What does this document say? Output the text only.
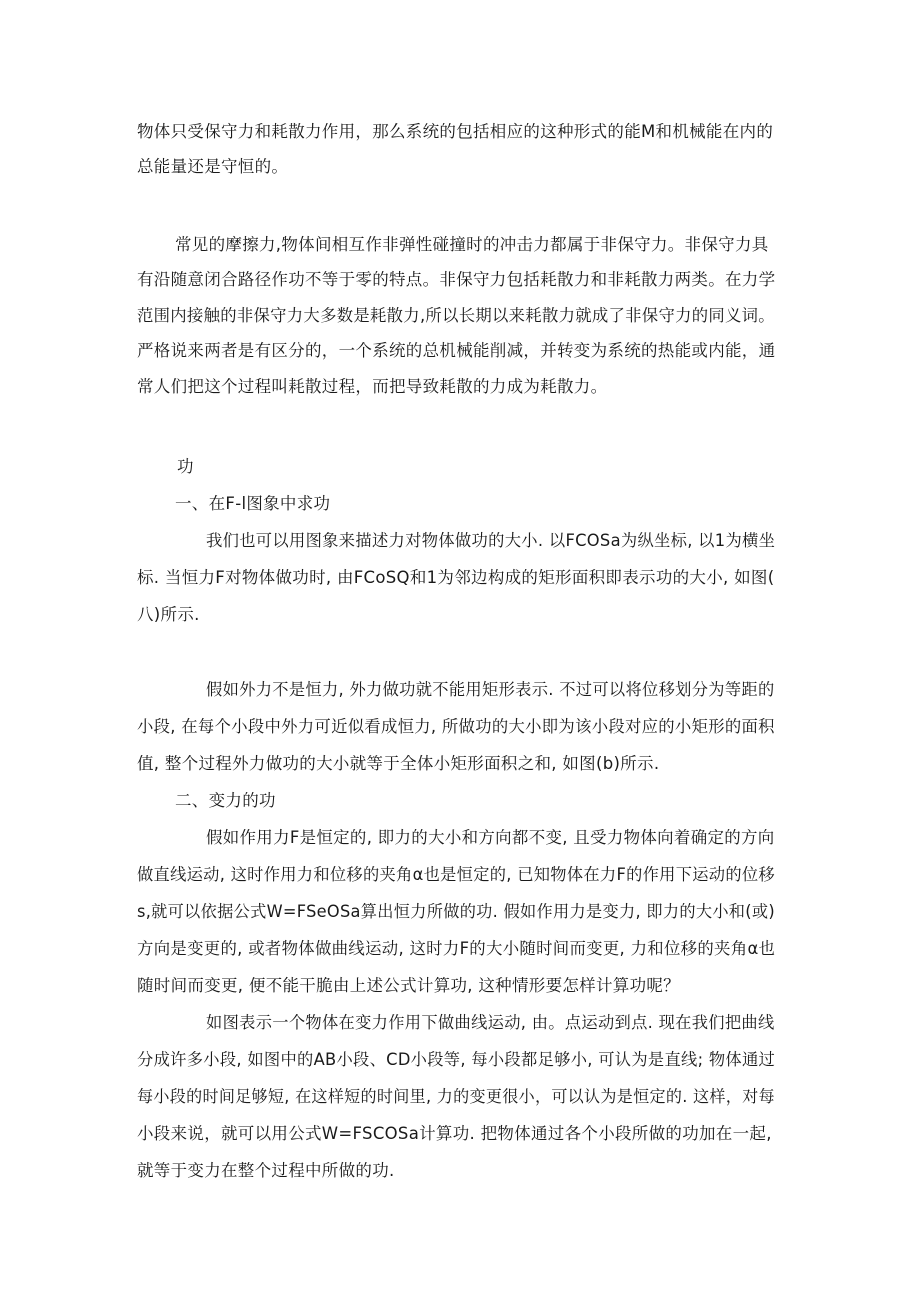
物体只受保守力和耗散力作用，那么系统的包括相应的这种形式的能M和机械能在内的
总能量还是守恒的。
常见的摩擦力,物体间相互作非弹性碰撞时的冲击力都属于非保守力。非保守力具
有沿随意闭合路径作功不等于零的特点。非保守力包括耗散力和非耗散力两类。在力学
范围内接触的非保守力大多数是耗散力,所以长期以来耗散力就成了非保守力的同义词。
严格说来两者是有区分的，一个系统的总机械能削减，并转变为系统的热能或内能，通
常人们把这个过程叫耗散过程，而把导致耗散的力成为耗散力。
功
一、在F-l图象中求功
我们也可以用图象来描述力对物体做功的大小. 以FCOSa为纵坐标, 以1为横坐
标. 当恒力F对物体做功时, 由FCoSQ和1为邻边构成的矩形面积即表示功的大小, 如图(
八)所示.
假如外力不是恒力, 外力做功就不能用矩形表示. 不过可以将位移划分为等距的
小段, 在每个小段中外力可近似看成恒力, 所做功的大小即为该小段对应的小矩形的面积
值, 整个过程外力做功的大小就等于全体小矩形面积之和, 如图(b)所示.
二、变力的功
假如作用力F是恒定的, 即力的大小和方向都不变, 且受力物体向着确定的方向
做直线运动, 这时作用力和位移的夹角α也是恒定的, 已知物体在力F的作用下运动的位移
s,就可以依据公式W=FSeOSa算出恒力所做的功. 假如作用力是变力, 即力的大小和(或)
方向是变更的, 或者物体做曲线运动, 这时力F的大小随时间而变更, 力和位移的夹角α也
随时间而变更, 便不能干脆由上述公式计算功, 这种情形要怎样计算功呢？
如图表示一个物体在变力作用下做曲线运动, 由。点运动到点. 现在我们把曲线
分成许多小段, 如图中的AB小段、CD小段等, 每小段都足够小, 可认为是直线; 物体通过
每小段的时间足够短, 在这样短的时间里, 力的变更很小，可以认为是恒定的. 这样，对每
小段来说，就可以用公式W=FSCOSa计算功. 把物体通过各个小段所做的功加在一起,
就等于变力在整个过程中所做的功.
